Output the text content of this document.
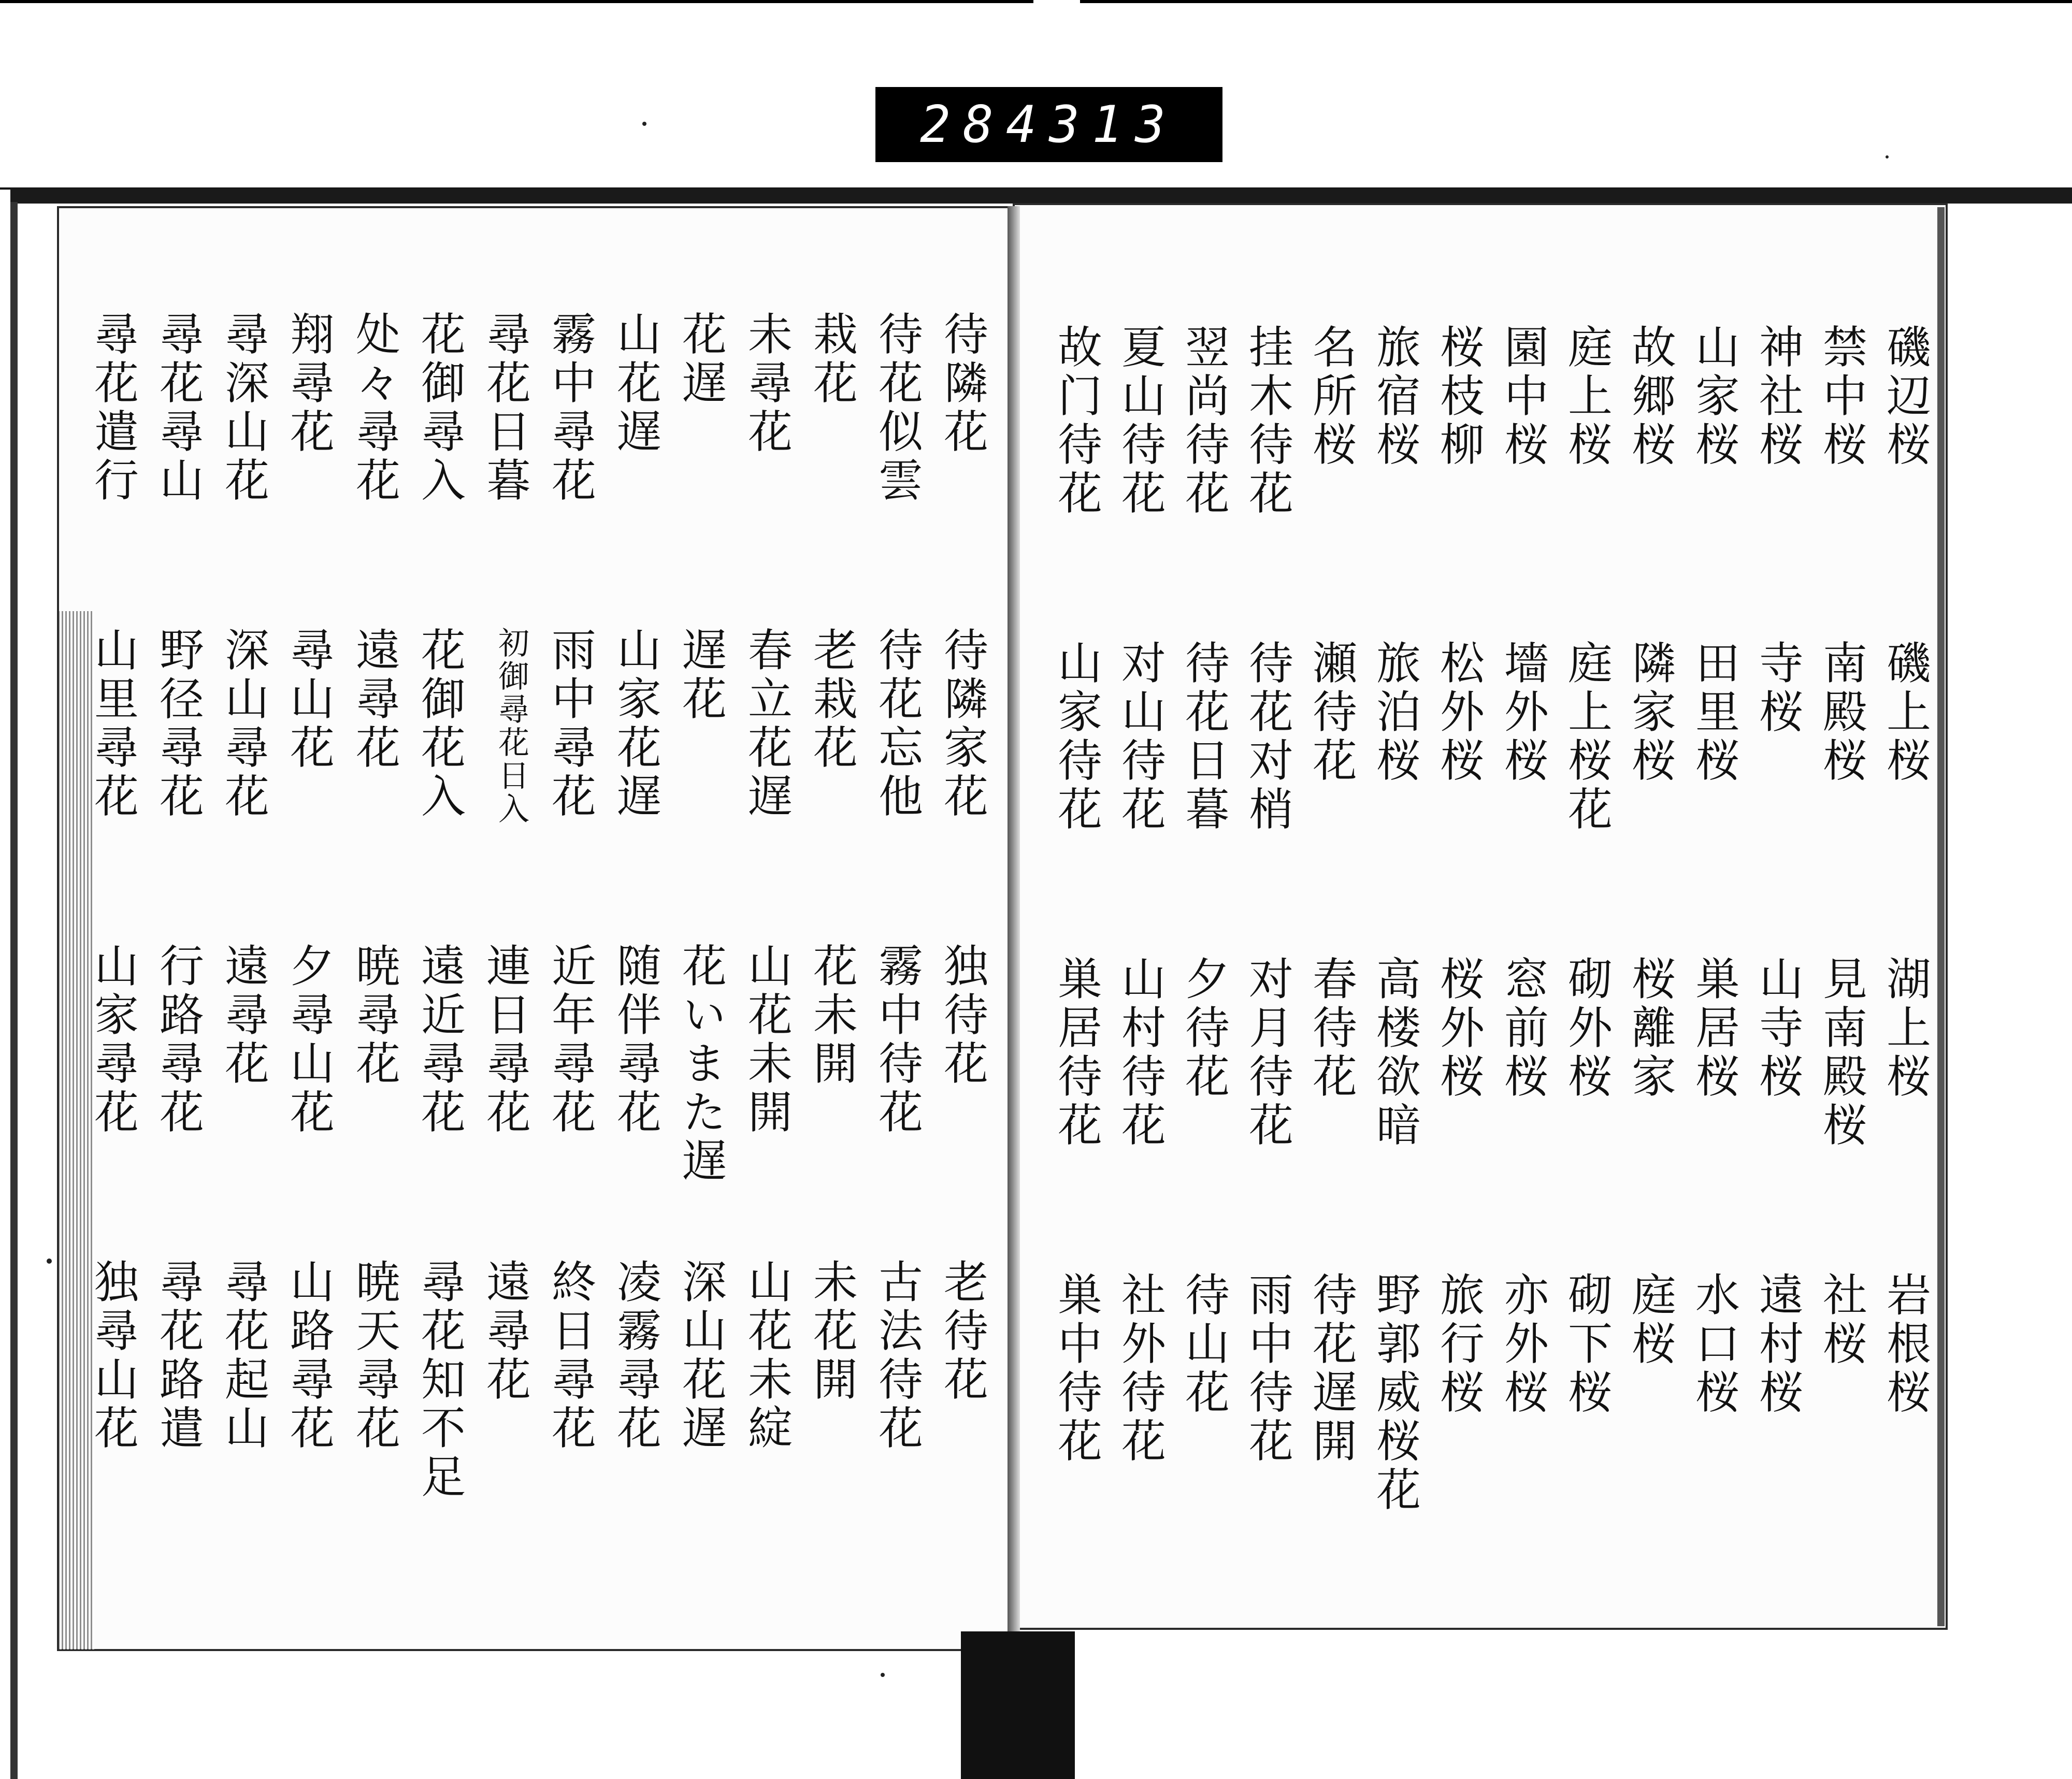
284 313
磯辺桜
禁中桜
神社桜
山家桜
故郷桜
庭上桜
園中桜
桜枝柳
旅宿桜
名所桜
挂木待花
翌尚待花
夏山待花
故门待花
磯上桜
南殿桜
寺桜
田里桜
隣家桜
庭上桜花
墻外桜
松外桜
旅泊桜
瀬待花
待花对梢
待花日暮
对山待花
山家待花
湖上桜
見南殿桜
山寺桜
巣居桜
桜離家
砌外桜
窓前桜
桜外桜
高楼欲暗
春待花
对月待花
夕待花
山村待花
巣居待花
岩根桜
社桜
遠村桜
水口桜
庭桜
砌下桜
亦外桜
旅行桜
野郭威桜花
待花遅開
雨中待花
待山花
社外待花
巣中待花
待隣花
待花似雲
栽花
未尋花
花遅
山花遅
霧中尋花
尋花日暮
花御尋入
处々尋花
翔尋花
尋深山花
尋花尋山
尋花遣行
待隣家花
待花忘他
老栽花
春立花遅
遅花
山家花遅
雨中尋花
初御尋花日入
花御花入
遠尋花
尋山花
深山尋花
野径尋花
山里尋花
独待花
霧中待花
花未開
山花未開
花いまた遅
随伴尋花
近年尋花
連日尋花
遠近尋花
暁尋花
夕尋山花
遠尋花
行路尋花
山家尋花
老待花
古法待花
未花開
山花未綻
深山花遅
凌霧尋花
終日尋花
遠尋花
尋花知不足
暁天尋花
山路尋花
尋花起山
尋花路遣
独尋山花
